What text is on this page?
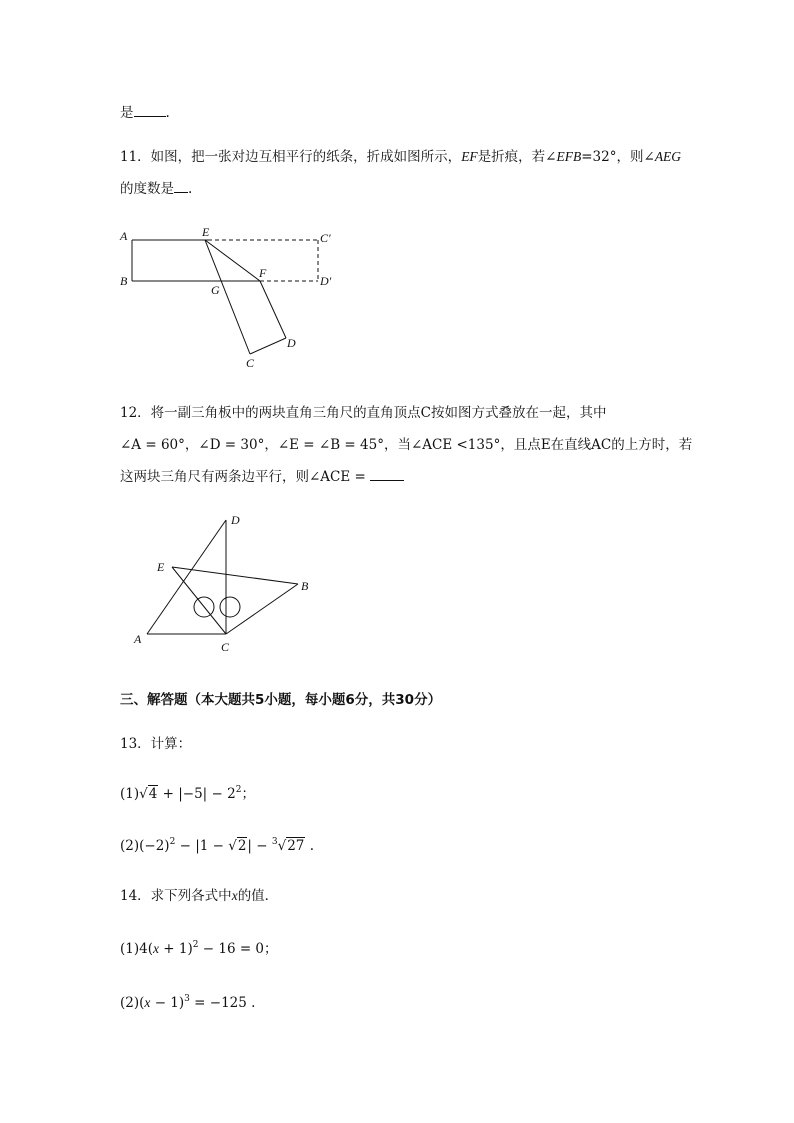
是 .
11．如图，把一张对边互相平行的纸条，折成如图所示，EF是折痕，若∠EFB=32°，则∠AEG
的度数是 .
A	E	C′
B
G
F
D′
C
D
12．将一副三角板中的两块直角三角尺的直角顶点C按如图方式叠放在一起，其中
∠A = 60°，∠D = 30°，∠E = ∠B = 45°，当∠ACE <135°，且点E在直线AC的上方时，若
这两块三角尺有两条边平行，则∠ACE =
D
E
B
A
C
三、解答题（本大题共5小题，每小题6分，共30分）
13．计算：
$(1)√4 + |-5| - 2^2$；
$(2)(-2)^2 - |1 - √2| - ^3√27$ .
14．求下列各式中x的值．
$(1)4(x + 1)^2 - 16 = 0$；
$(2)(x - 1)^3 = -125$ .
